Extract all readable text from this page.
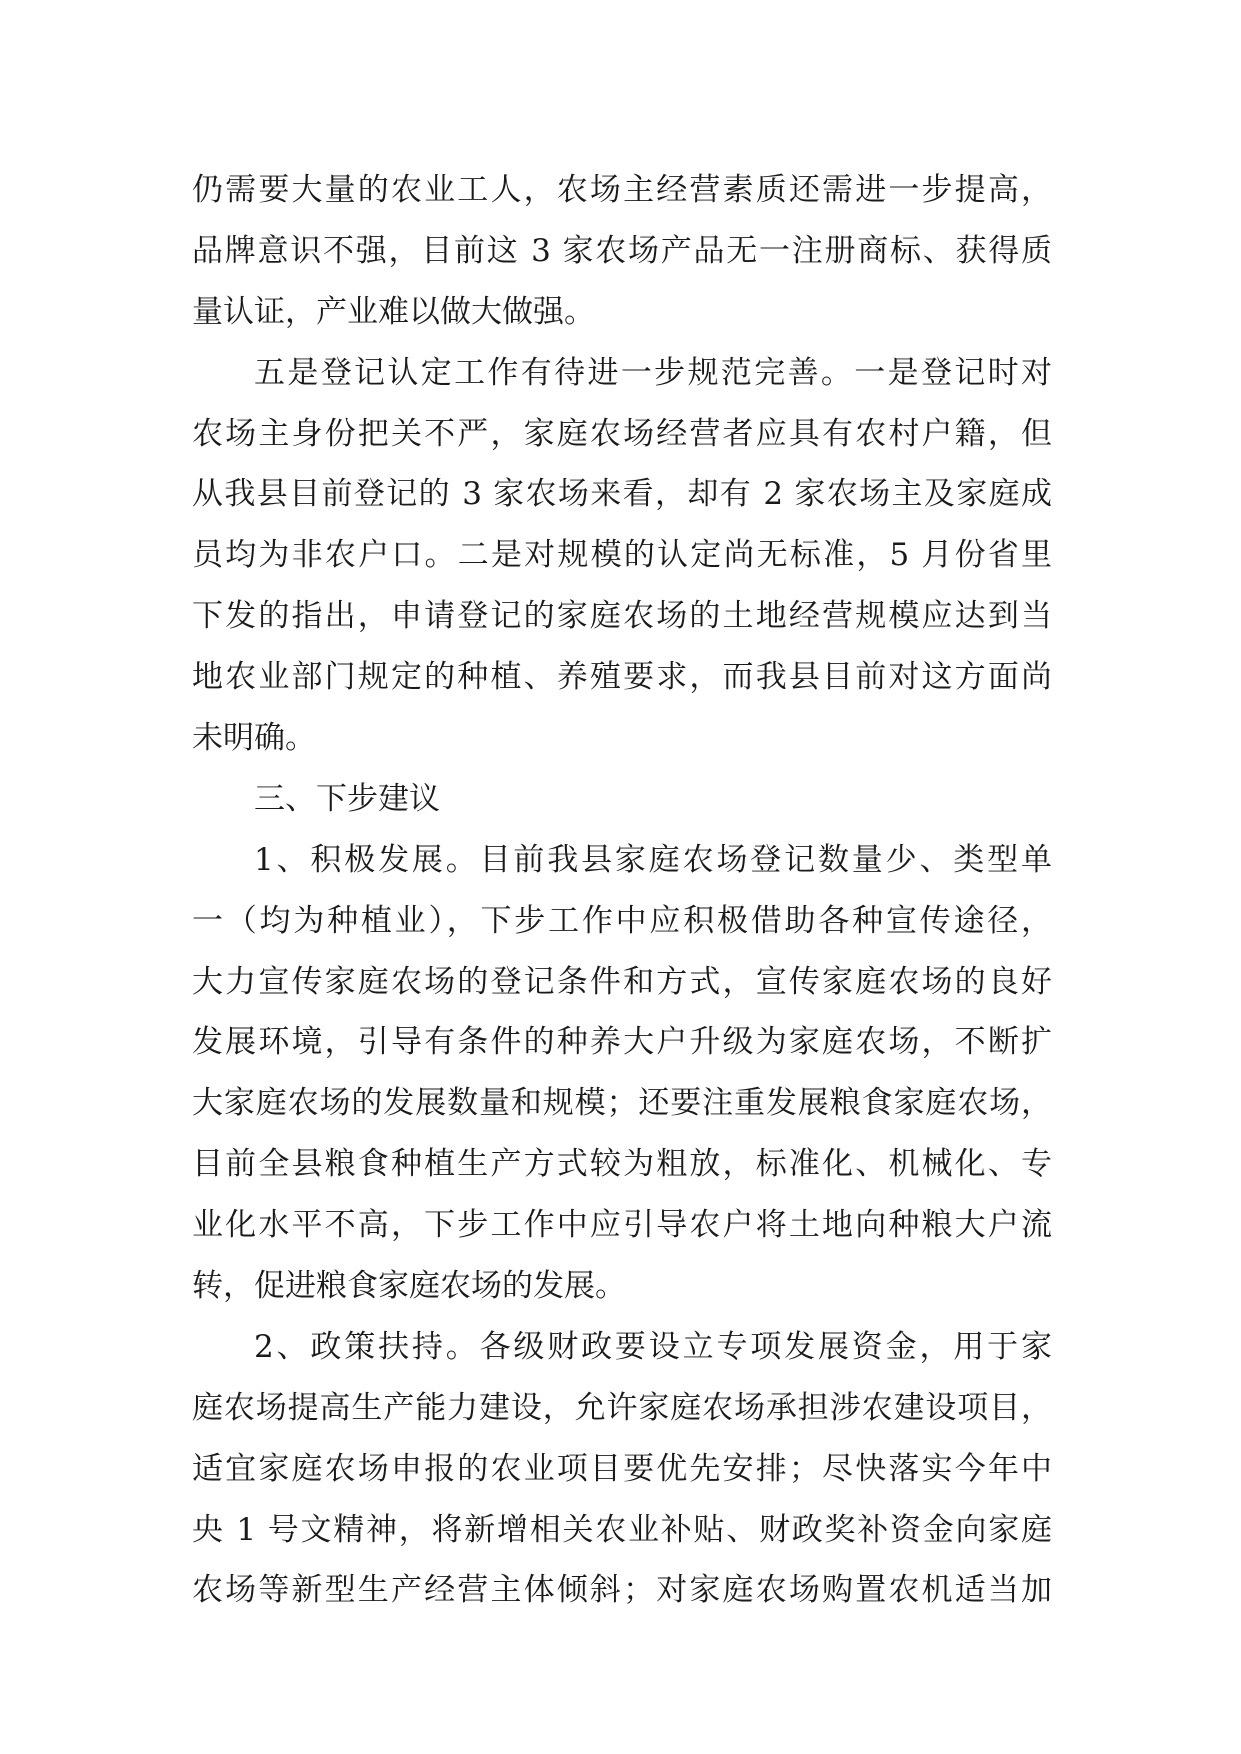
仍需要大量的农业工人，农场主经营素质还需进一步提高，
品牌意识不强，目前这 3 家农场产品无一注册商标、获得质
量认证，产业难以做大做强。
五是登记认定工作有待进一步规范完善。一是登记时对
农场主身份把关不严，家庭农场经营者应具有农村户籍，但
从我县目前登记的 3 家农场来看，却有 2 家农场主及家庭成
员均为非农户口。二是对规模的认定尚无标准，5 月份省里
下发的指出，申请登记的家庭农场的土地经营规模应达到当
地农业部门规定的种植、养殖要求，而我县目前对这方面尚
未明确。
三、下步建议
1、积极发展。目前我县家庭农场登记数量少、类型单
一（均为种植业），下步工作中应积极借助各种宣传途径，
大力宣传家庭农场的登记条件和方式，宣传家庭农场的良好
发展环境，引导有条件的种养大户升级为家庭农场，不断扩
大家庭农场的发展数量和规模；还要注重发展粮食家庭农场，
目前全县粮食种植生产方式较为粗放，标准化、机械化、专
业化水平不高，下步工作中应引导农户将土地向种粮大户流
转，促进粮食家庭农场的发展。
2、政策扶持。各级财政要设立专项发展资金，用于家
庭农场提高生产能力建设，允许家庭农场承担涉农建设项目，
适宜家庭农场申报的农业项目要优先安排；尽快落实今年中
央 1 号文精神，将新增相关农业补贴、财政奖补资金向家庭
农场等新型生产经营主体倾斜；对家庭农场购置农机适当加
